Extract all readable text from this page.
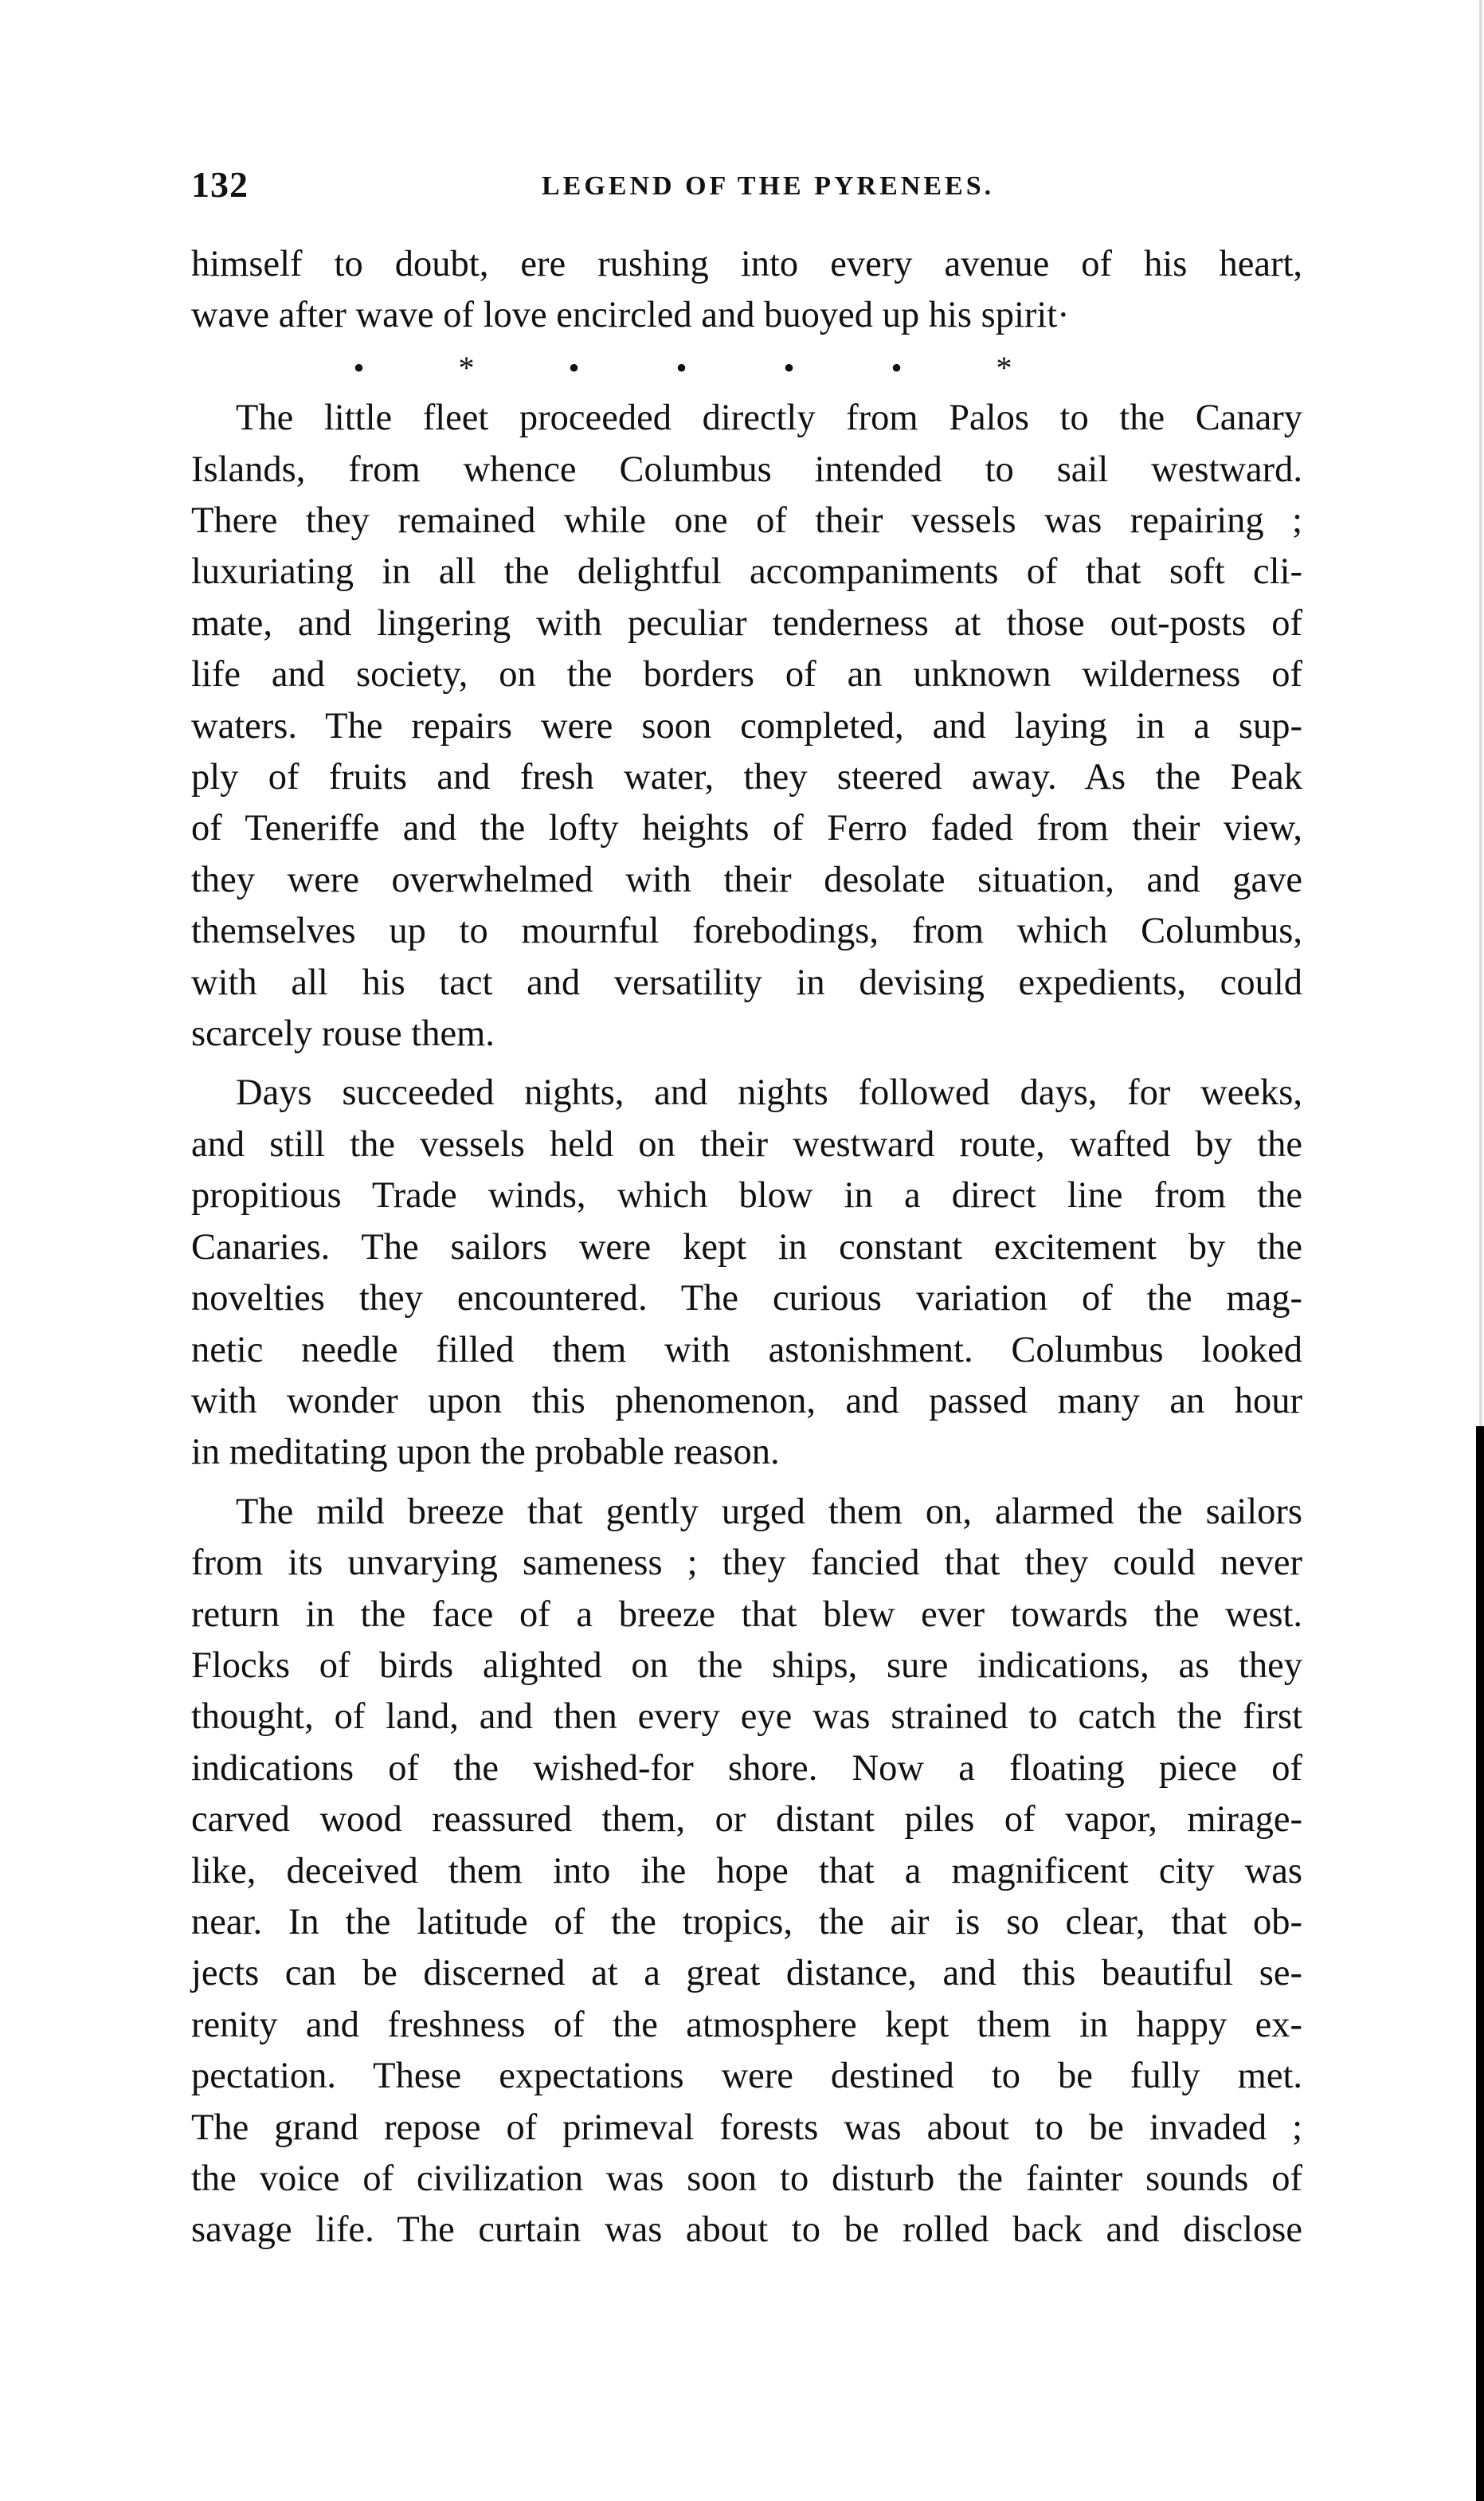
132	LEGEND OF THE PYRENEES.
himself to doubt, ere rushing into every avenue of his heart,
wave after wave of love encircled and buoyed up his spirit·
•	*	•	•	•	•	*
The little fleet proceeded directly from Palos to the Canary
Islands, from whence Columbus intended to sail westward.
There they remained while one of their vessels was repairing ;
luxuriating in all the delightful accompaniments of that soft cli-
mate, and lingering with peculiar tenderness at those out-posts of
life and society, on the borders of an unknown wilderness of
waters. The repairs were soon completed, and laying in a sup-
ply of fruits and fresh water, they steered away. As the Peak
of Teneriffe and the lofty heights of Ferro faded from their view,
they were overwhelmed with their desolate situation, and gave
themselves up to mournful forebodings, from which Columbus,
with all his tact and versatility in devising expedients, could
scarcely rouse them.
Days succeeded nights, and nights followed days, for weeks,
and still the vessels held on their westward route, wafted by the
propitious Trade winds, which blow in a direct line from the
Canaries. The sailors were kept in constant excitement by the
novelties they encountered. The curious variation of the mag-
netic needle filled them with astonishment. Columbus looked
with wonder upon this phenomenon, and passed many an hour
in meditating upon the probable reason.
The mild breeze that gently urged them on, alarmed the sailors
from its unvarying sameness ; they fancied that they could never
return in the face of a breeze that blew ever towards the west.
Flocks of birds alighted on the ships, sure indications, as they
thought, of land, and then every eye was strained to catch the first
indications of the wished-for shore. Now a floating piece of
carved wood reassured them, or distant piles of vapor, mirage-
like, deceived them into ihe hope that a magnificent city was
near. In the latitude of the tropics, the air is so clear, that ob-
jects can be discerned at a great distance, and this beautiful se-
renity and freshness of the atmosphere kept them in happy ex-
pectation. These expectations were destined to be fully met.
The grand repose of primeval forests was about to be invaded ;
the voice of civilization was soon to disturb the fainter sounds of
savage life. The curtain was about to be rolled back and disclose
